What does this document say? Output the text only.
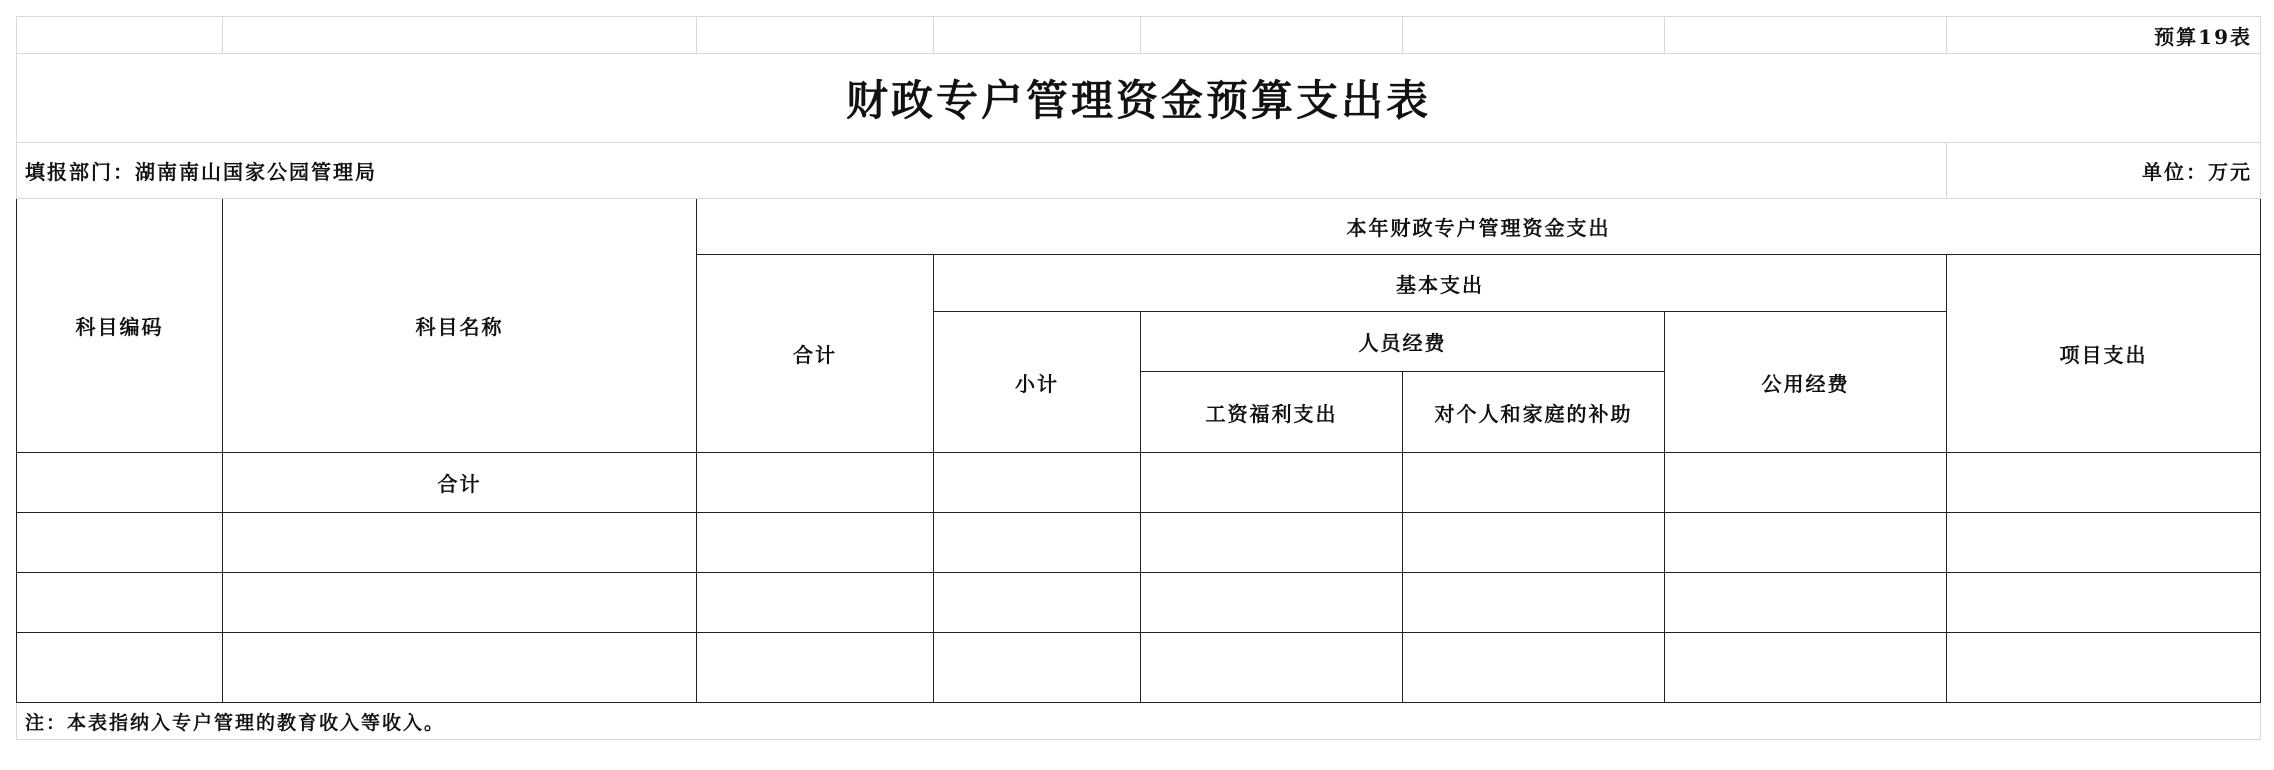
							预算19表
财政专户管理资金预算支出表							
填报部门：湖南南山国家公园管理局							单位：万元
科目编码	科目名称	本年财政专户管理资金支出					
		合计	基本支出				项目支出
			小计	人员经费		公用经费	
				工资福利支出	对个人和家庭的补助		
	合计						

注：本表指纳入专户管理的教育收入等收入。							
